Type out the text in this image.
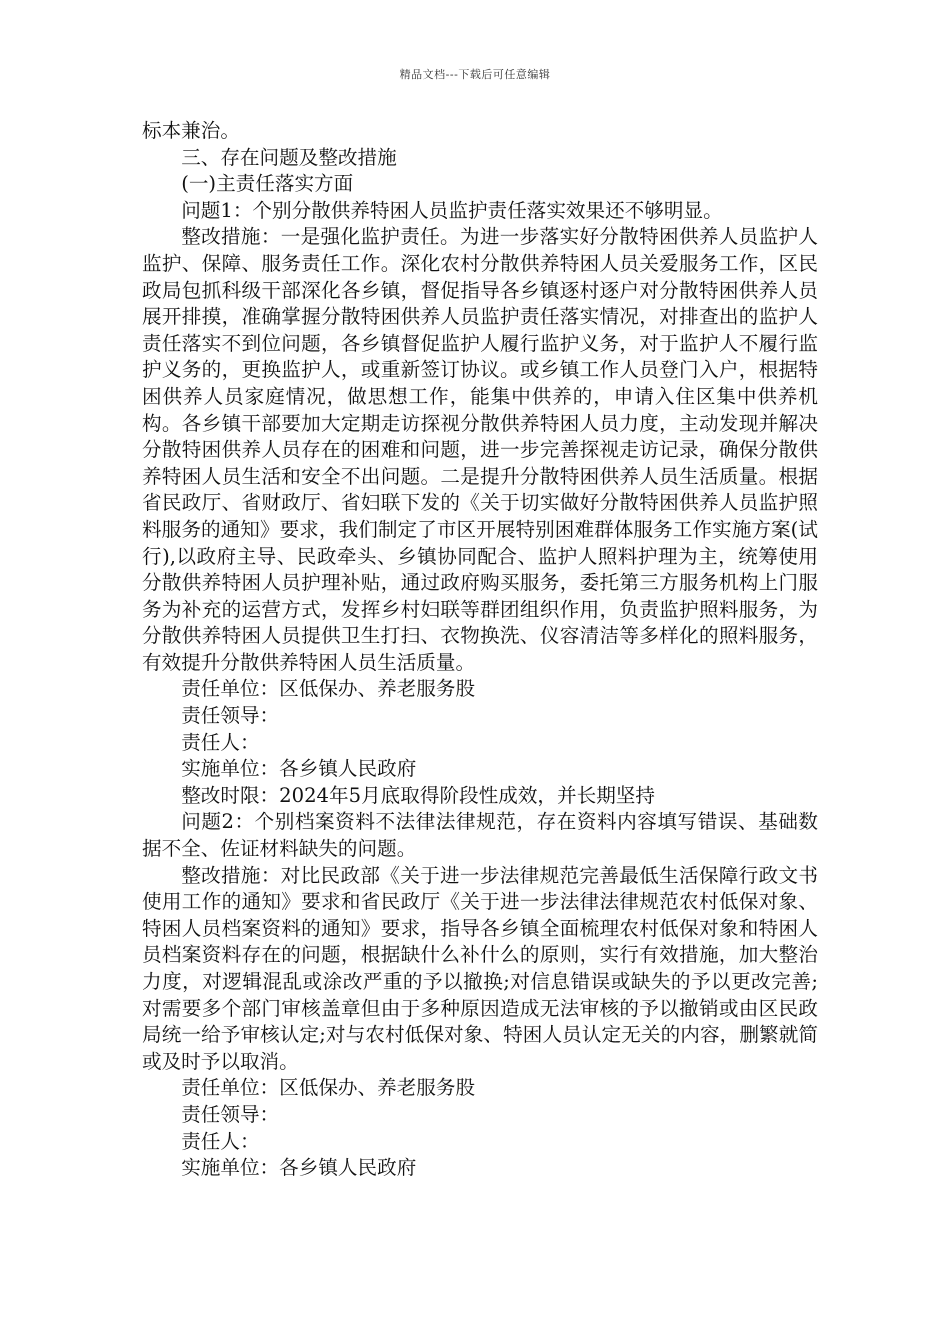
精品文档---下载后可任意编辑

标本兼治。

三、存在问题及整改措施

(一)主责任落实方面

问题1：个别分散供养特困人员监护责任落实效果还不够明显。

整改措施：一是强化监护责任。为进一步落实好分散特困供养人员监护人监护、保障、服务责任工作。深化农村分散供养特困人员关爱服务工作，区民政局包抓科级干部深化各乡镇，督促指导各乡镇逐村逐户对分散特困供养人员展开排摸，准确掌握分散特困供养人员监护责任落实情况，对排查出的监护人责任落实不到位问题，各乡镇督促监护人履行监护义务，对于监护人不履行监护义务的，更换监护人，或重新签订协议。或乡镇工作人员登门入户，根据特困供养人员家庭情况，做思想工作，能集中供养的，申请入住区集中供养机构。各乡镇干部要加大定期走访探视分散供养特困人员力度，主动发现并解决分散特困供养人员存在的困难和问题，进一步完善探视走访记录，确保分散供养特困人员生活和安全不出问题。二是提升分散特困供养人员生活质量。根据省民政厅、省财政厅、省妇联下发的《关于切实做好分散特困供养人员监护照料服务的通知》要求，我们制定了市区开展特别困难群体服务工作实施方案(试行),以政府主导、民政牵头、乡镇协同配合、监护人照料护理为主，统筹使用分散供养特困人员护理补贴，通过政府购买服务，委托第三方服务机构上门服务为补充的运营方式，发挥乡村妇联等群团组织作用，负责监护照料服务，为分散供养特困人员提供卫生打扫、衣物换洗、仪容清洁等多样化的照料服务，有效提升分散供养特困人员生活质量。

责任单位：区低保办、养老服务股

责任领导：

责任人：

实施单位：各乡镇人民政府

整改时限：2024年5月底取得阶段性成效，并长期坚持

问题2：个别档案资料不法律法律规范，存在资料内容填写错误、基础数据不全、佐证材料缺失的问题。

整改措施：对比民政部《关于进一步法律规范完善最低生活保障行政文书使用工作的通知》要求和省民政厅《关于进一步法律法律规范农村低保对象、特困人员档案资料的通知》要求，指导各乡镇全面梳理农村低保对象和特困人员档案资料存在的问题，根据缺什么补什么的原则，实行有效措施，加大整治力度，对逻辑混乱或涂改严重的予以撤换;对信息错误或缺失的予以更改完善;对需要多个部门审核盖章但由于多种原因造成无法审核的予以撤销或由区民政局统一给予审核认定;对与农村低保对象、特困人员认定无关的内容，删繁就简或及时予以取消。

责任单位：区低保办、养老服务股

责任领导：

责任人：

实施单位：各乡镇人民政府
